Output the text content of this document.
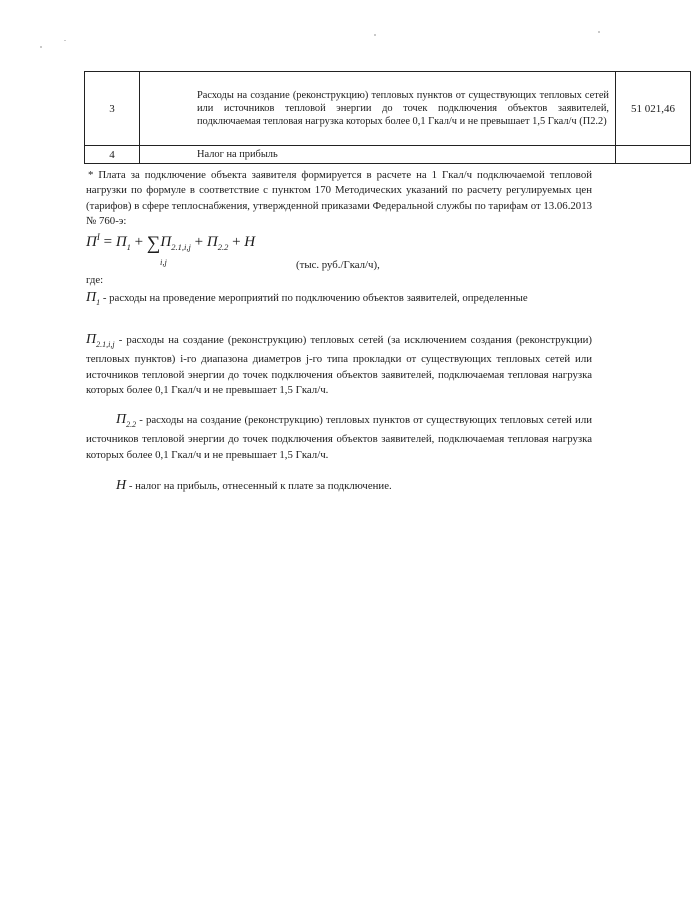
3	Расходы на создание (реконструкцию) тепловых пунктов от существующих тепловых сетей или источников тепловой энергии до точек подключения объектов заявителей, подключаемая тепловая нагрузка которых более 0,1 Гкал/ч и не превышает 1,5 Гкал/ч (П2.2)	51 021,46
4	Налог на прибыль	
* Плата за подключение объекта заявителя формируется в расчете на 1 Гкал/ч подключаемой тепловой нагрузки по формуле в соответствие с пунктом 170 Методических указаний по расчету регулируемых цен (тарифов) в сфере теплоснабжения, утвержденной приказами Федеральной службы по тарифам от 13.06.2013 № 760-э:
$П^I = П_1 + \sum П_{2.1,i,j} + П_{2.2} + Н$
i,j	(тыс. руб./Гкал/ч),
где:
$П_1$ - расходы на проведение мероприятий по подключению объектов заявителей, определенные
$П_{2.1,i,j}$ - расходы на создание (реконструкцию) тепловых сетей (за исключением создания (реконструкции) тепловых пунктов) i-го диапазона диаметров j-го типа прокладки от существующих тепловых сетей или источников тепловой энергии до точек подключения объектов заявителей, подключаемая тепловая нагрузка которых более 0,1 Гкал/ч и не превышает 1,5 Гкал/ч.
$П_{2.2}$ - расходы на создание (реконструкцию) тепловых пунктов от существующих тепловых сетей или источников тепловой энергии до точек подключения объектов заявителей, подключаемая тепловая нагрузка которых более 0,1 Гкал/ч и не превышает 1,5 Гкал/ч.
Н - налог на прибыль, отнесенный к плате за подключение.
